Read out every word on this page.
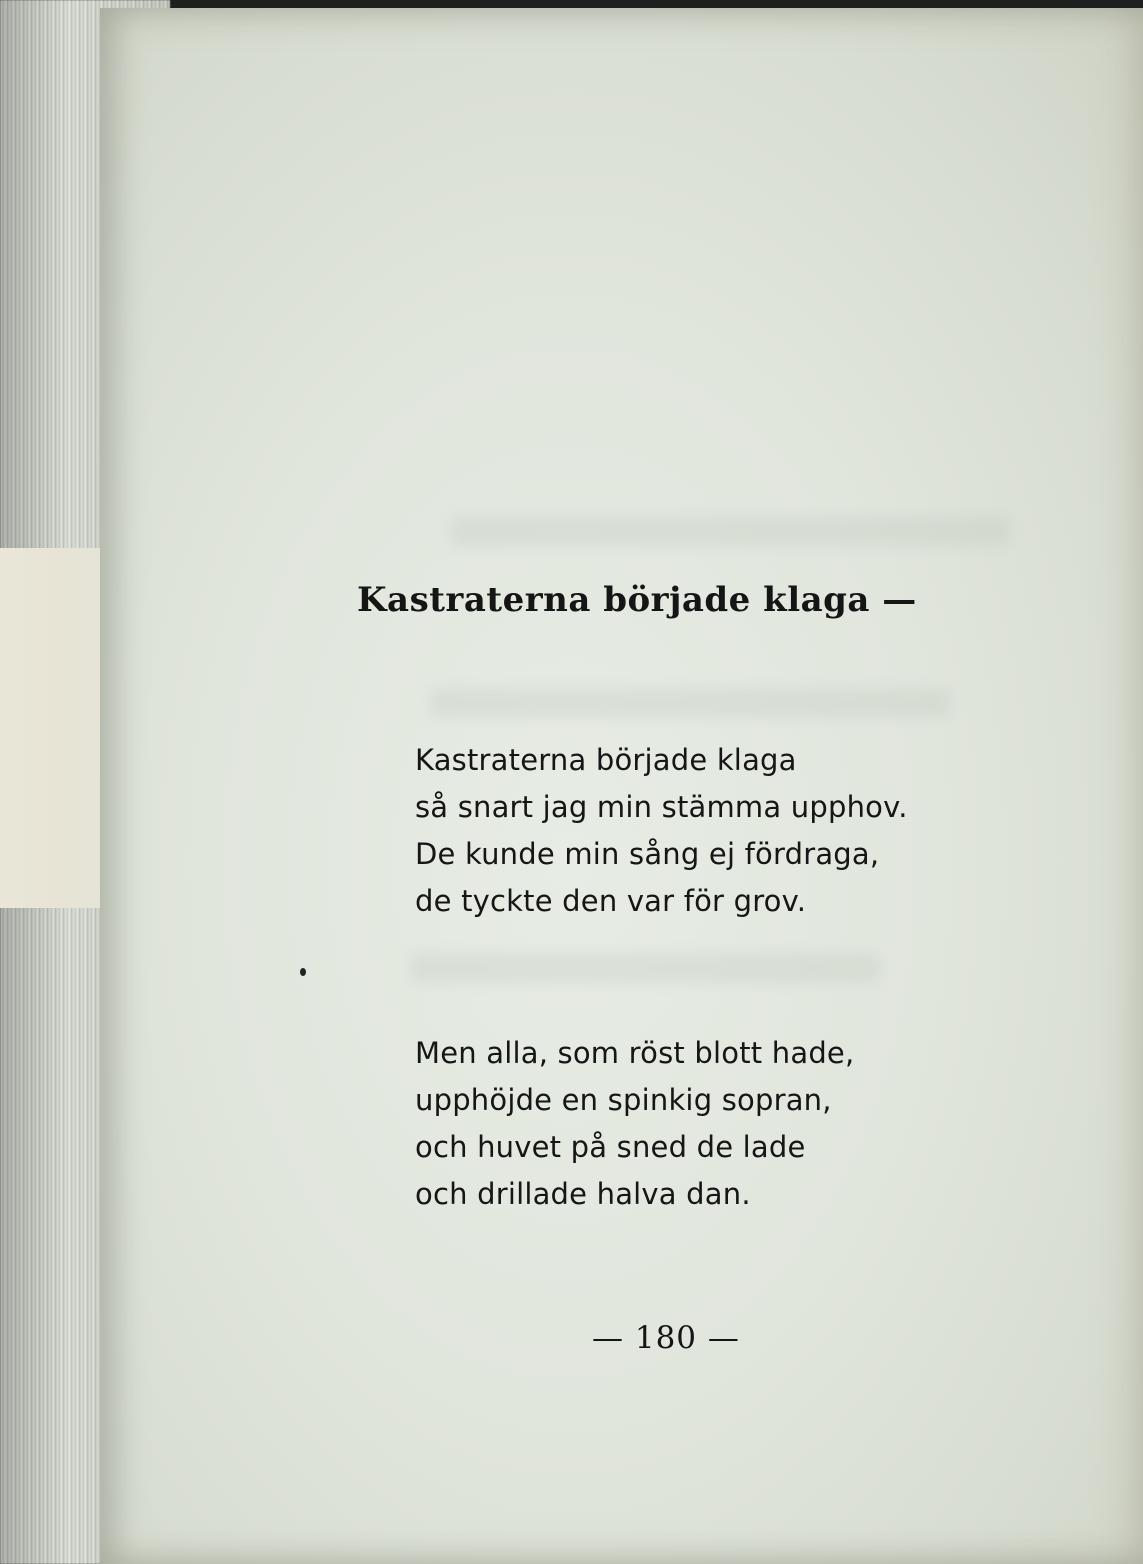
Kastraterna började klaga —
Kastraterna började klaga
så snart jag min stämma upphov.
De kunde min sång ej fördraga,
de tyckte den var för grov.
Men alla, som röst blott hade,
upphöjde en spinkig sopran,
och huvet på sned de lade
och drillade halva dan.
— 180 —
